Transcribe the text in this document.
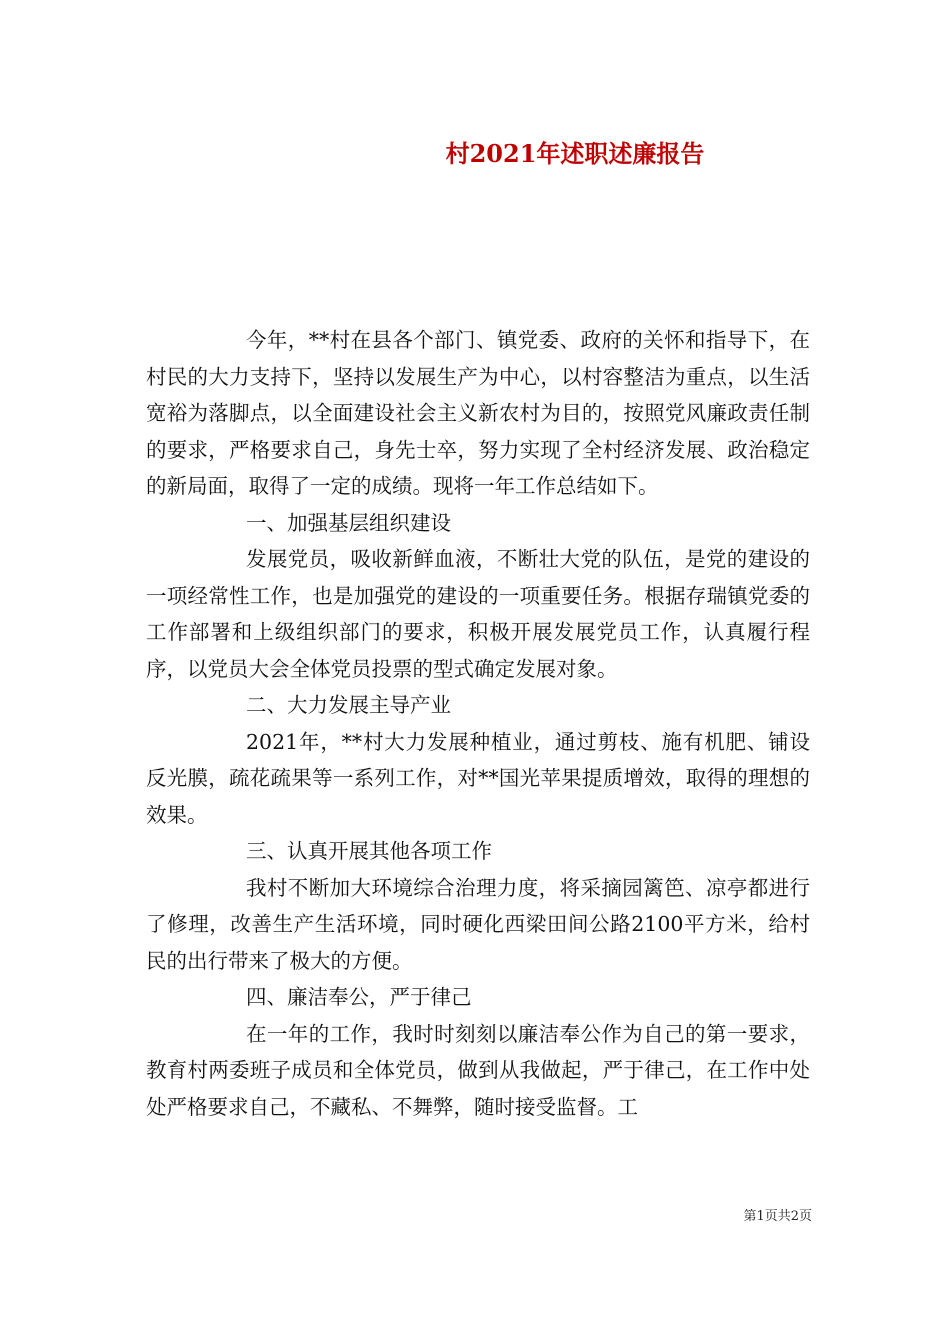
村2021年述职述廉报告

今年，**村在县各个部门、镇党委、政府的关怀和指导下，在村民的大力支持下，坚持以发展生产为中心，以村容整洁为重点，以生活宽裕为落脚点，以全面建设社会主义新农村为目的，按照党风廉政责任制的要求，严格要求自己，身先士卒，努力实现了全村经济发展、政治稳定的新局面，取得了一定的成绩。现将一年工作总结如下。

一、加强基层组织建设

发展党员，吸收新鲜血液，不断壮大党的队伍，是党的建设的一项经常性工作，也是加强党的建设的一项重要任务。根据存瑞镇党委的工作部署和上级组织部门的要求，积极开展发展党员工作，认真履行程序，以党员大会全体党员投票的型式确定发展对象。

二、大力发展主导产业

2021年，**村大力发展种植业，通过剪枝、施有机肥、铺设反光膜，疏花疏果等一系列工作，对**国光苹果提质增效，取得的理想的效果。

三、认真开展其他各项工作

我村不断加大环境综合治理力度，将采摘园篱笆、凉亭都进行了修理，改善生产生活环境，同时硬化西梁田间公路2100平方米，给村民的出行带来了极大的方便。

四、廉洁奉公，严于律己

在一年的工作，我时时刻刻以廉洁奉公作为自己的第一要求，教育村两委班子成员和全体党员，做到从我做起，严于律己，在工作中处处严格要求自己，不藏私、不舞弊，随时接受监督。工

第1页共2页
